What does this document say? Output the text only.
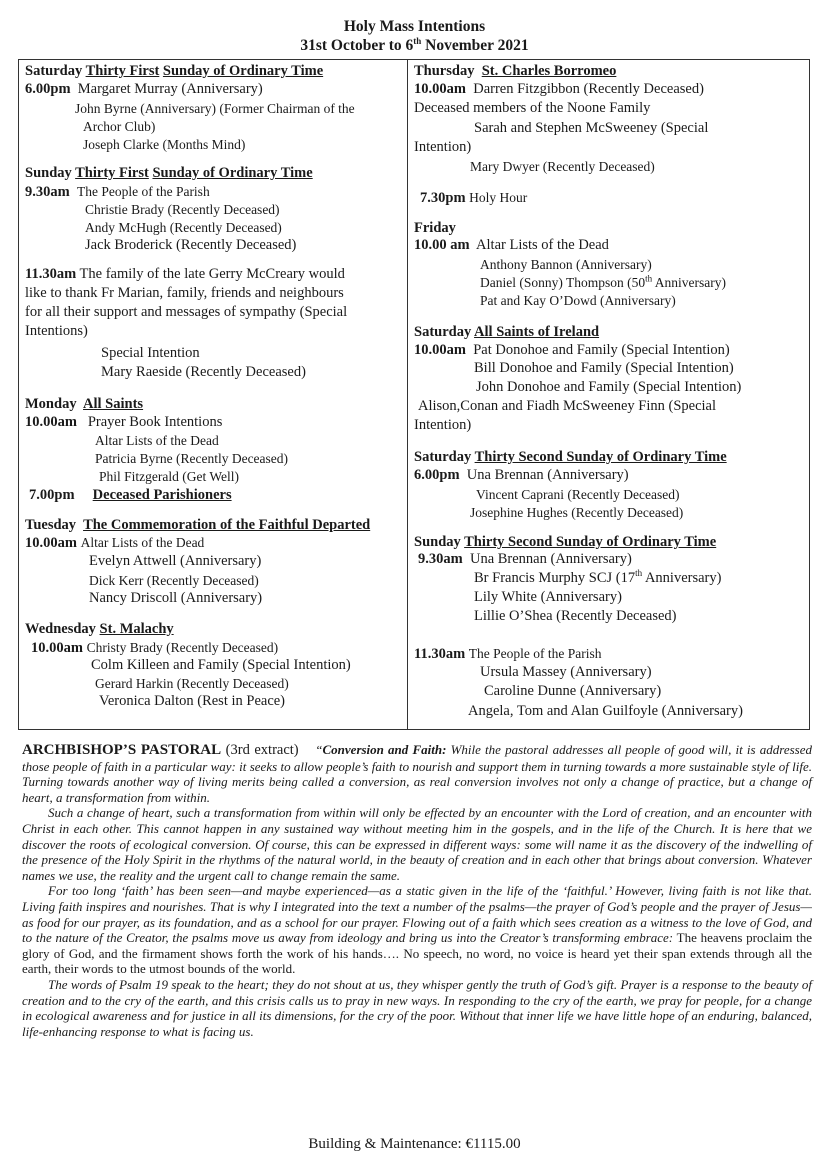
Holy Mass Intentions
31st October to 6th November 2021
Saturday Thirty First Sunday of Ordinary Time
6.00pm Margaret Murray (Anniversary)
John Byrne (Anniversary) (Former Chairman of the
Archor Club)
Joseph Clarke (Months Mind)
Sunday Thirty First Sunday of Ordinary Time
9.30am The People of the Parish
Christie Brady (Recently Deceased)
Andy McHugh (Recently Deceased)
Jack Broderick (Recently Deceased)
11.30am The family of the late Gerry McCreary would
like to thank Fr Marian, family, friends and neighbours
for all their support and messages of sympathy (Special
Intentions)
Special Intention
Mary Raeside (Recently Deceased)
Monday All Saints
10.00am Prayer Book Intentions
Altar Lists of the Dead
Patricia Byrne (Recently Deceased)
Phil Fitzgerald (Get Well)
7.00pm Deceased Parishioners
Tuesday The Commemoration of the Faithful Departed
10.00am Altar Lists of the Dead
Evelyn Attwell (Anniversary)
Dick Kerr (Recently Deceased)
Nancy Driscoll (Anniversary)
Wednesday St. Malachy
10.00am Christy Brady (Recently Deceased)
Colm Killeen and Family (Special Intention)
Gerard Harkin (Recently Deceased)
Veronica Dalton (Rest in Peace)
Thursday St. Charles Borromeo
10.00am Darren Fitzgibbon (Recently Deceased)
Deceased members of the Noone Family
Sarah and Stephen McSweeney (Special
Intention)
Mary Dwyer (Recently Deceased)
7.30pm Holy Hour
Friday
10.00 am Altar Lists of the Dead
Anthony Bannon (Anniversary)
Daniel (Sonny) Thompson (50th Anniversary)
Pat and Kay O’Dowd (Anniversary)
Saturday All Saints of Ireland
10.00am Pat Donohoe and Family (Special Intention)
Bill Donohoe and Family (Special Intention)
John Donohoe and Family (Special Intention)
Alison,Conan and Fiadh McSweeney Finn (Special
Intention)
Saturday Thirty Second Sunday of Ordinary Time
6.00pm Una Brennan (Anniversary)
Vincent Caprani (Recently Deceased)
Josephine Hughes (Recently Deceased)
Sunday Thirty Second Sunday of Ordinary Time
9.30am Una Brennan (Anniversary)
Br Francis Murphy SCJ (17th Anniversary)
Lily White (Anniversary)
Lillie O’Shea (Recently Deceased)
11.30am The People of the Parish
Ursula Massey (Anniversary)
Caroline Dunne (Anniversary)
Angela, Tom and Alan Guilfoyle (Anniversary)

ARCHBISHOP’S PASTORAL (3rd extract) “Conversion and Faith: While the pastoral addresses all people of good will, it is addressed those people of faith in a particular way: it seeks to allow people’s faith to nourish and support them in turning towards a more sustainable style of life. Turning towards another way of living merits being called a conversion, as real conversion involves not only a change of practice, but a change of heart, a transformation from within.

Such a change of heart, such a transformation from within will only be effected by an encounter with the Lord of creation, and an encounter with Christ in each other. This cannot happen in any sustained way without meeting him in the gospels, and in the life of the Church. It is here that we discover the roots of ecological conversion. Of course, this can be expressed in different ways: some will name it as the discovery of the indwelling of the presence of the Holy Spirit in the rhythms of the natural world, in the beauty of creation and in each other that brings about conversion. Whatever names we use, the reality and the urgent call to change remain the same.

For too long ‘faith’ has been seen—and maybe experienced—as a static given in the life of the ‘faithful.’ However, living faith is not like that. Living faith inspires and nourishes. That is why I integrated into the text a number of the psalms—the prayer of God’s people and the prayer of Jesus—as food for our prayer, as its foundation, and as a school for our prayer. Flowing out of a faith which sees creation as a witness to the love of God, and to the nature of the Creator, the psalms move us away from ideology and bring us into the Creator’s transforming embrace: The heavens proclaim the glory of God, and the firmament shows forth the work of his hands…. No speech, no word, no voice is heard yet their span extends through all the earth, their words to the utmost bounds of the world.

The words of Psalm 19 speak to the heart; they do not shout at us, they whisper gently the truth of God’s gift. Prayer is a response to the beauty of creation and to the cry of the earth, and this crisis calls us to pray in new ways. In responding to the cry of the earth, we pray for people, for a change in ecological awareness and for justice in all its dimensions, for the cry of the poor. Without that inner life we have little hope of an enduring, balanced, life-enhancing response to what is facing us.

Building & Maintenance: €1115.00
